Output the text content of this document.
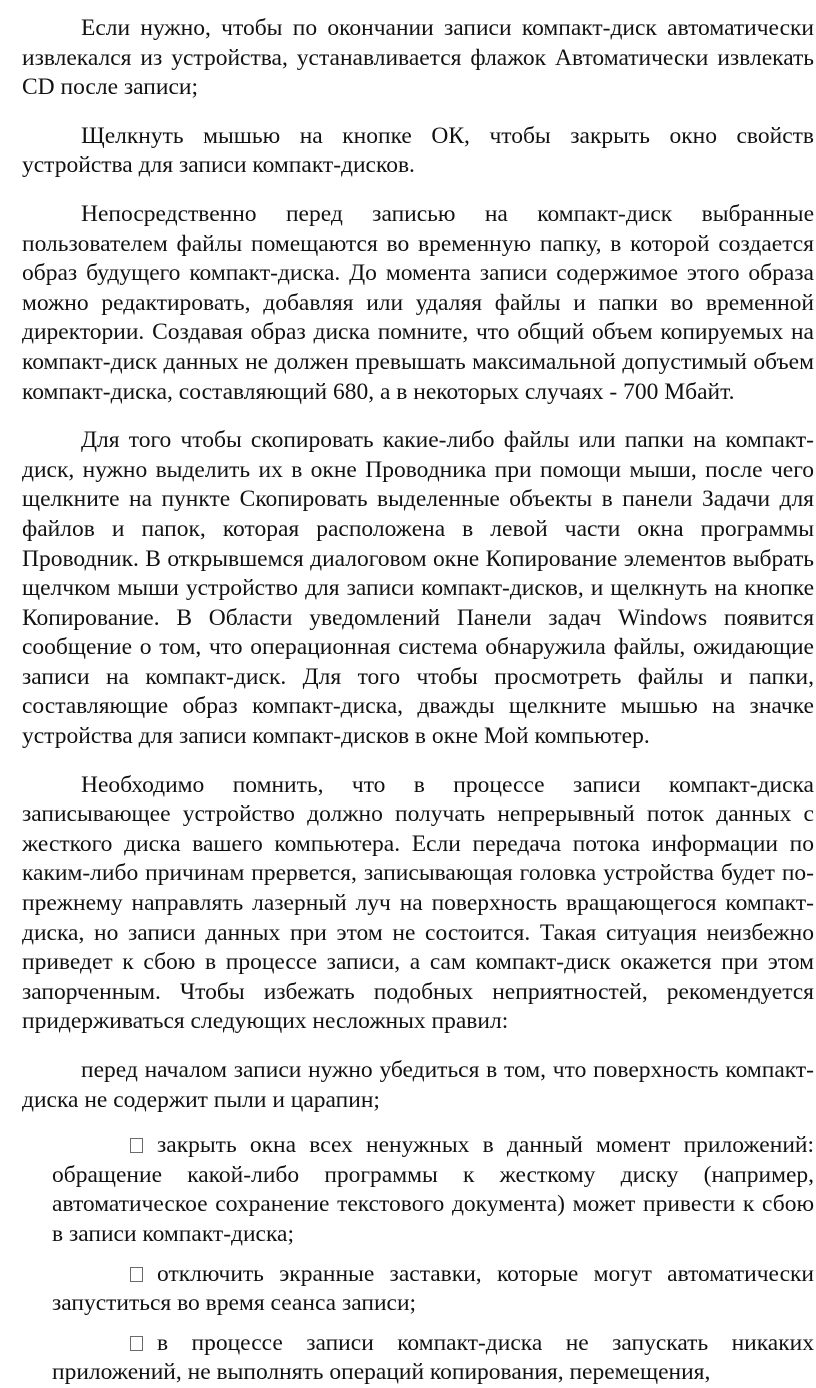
Если нужно, чтобы по окончании записи компакт-диск автоматически извлекался из устройства, устанавливается флажок Автоматически извлекать CD после записи;

Щелкнуть мышью на кнопке ОК, чтобы закрыть окно свойств устройства для записи компакт-дисков.

Непосредственно перед записью на компакт-диск выбранные пользователем файлы помещаются во временную папку, в которой создается образ будущего компакт-диска. До момента записи содержимое этого образа можно редактировать, добавляя или удаляя файлы и папки во временной директории. Создавая образ диска помните, что общий объем копируемых на компакт-диск данных не должен превышать максимальной допустимый объем компакт-диска, составляющий 680, а в некоторых случаях - 700 Мбайт.

Для того чтобы скопировать какие-либо файлы или папки на компакт-диск, нужно выделить их в окне Проводника при помощи мыши, после чего щелкните на пункте Скопировать выделенные объекты в панели Задачи для файлов и папок, которая расположена в левой части окна программы Проводник. В открывшемся диалоговом окне Копирование элементов выбрать щелчком мыши устройство для записи компакт-дисков, и щелкнуть на кнопке Копирование. В Области уведомлений Панели задач Windows появится сообщение о том, что операционная система обнаружила файлы, ожидающие записи на компакт-диск. Для того чтобы просмотреть файлы и папки, составляющие образ компакт-диска, дважды щелкните мышью на значке устройства для записи компакт-дисков в окне Мой компьютер.

Необходимо помнить, что в процессе записи компакт-диска записывающее устройство должно получать непрерывный поток данных с жесткого диска вашего компьютера. Если передача потока информации по каким-либо причинам прервется, записывающая головка устройства будет по-прежнему направлять лазерный луч на поверхность вращающегося компакт-диска, но записи данных при этом не состоится. Такая ситуация неизбежно приведет к сбою в процессе записи, а сам компакт-диск окажется при этом запорченным. Чтобы избежать подобных неприятностей, рекомендуется придерживаться следующих несложных правил:

перед началом записи нужно убедиться в том, что поверхность компакт-диска не содержит пыли и царапин;

закрыть окна всех ненужных в данный момент приложений: обращение какой-либо программы к жесткому диску (например, автоматическое сохранение текстового документа) может привести к сбою в записи компакт-диска;

отключить экранные заставки, которые могут автоматически запуститься во время сеанса записи;

в процессе записи компакт-диска не запускать никаких приложений, не выполнять операций копирования, перемещения,
